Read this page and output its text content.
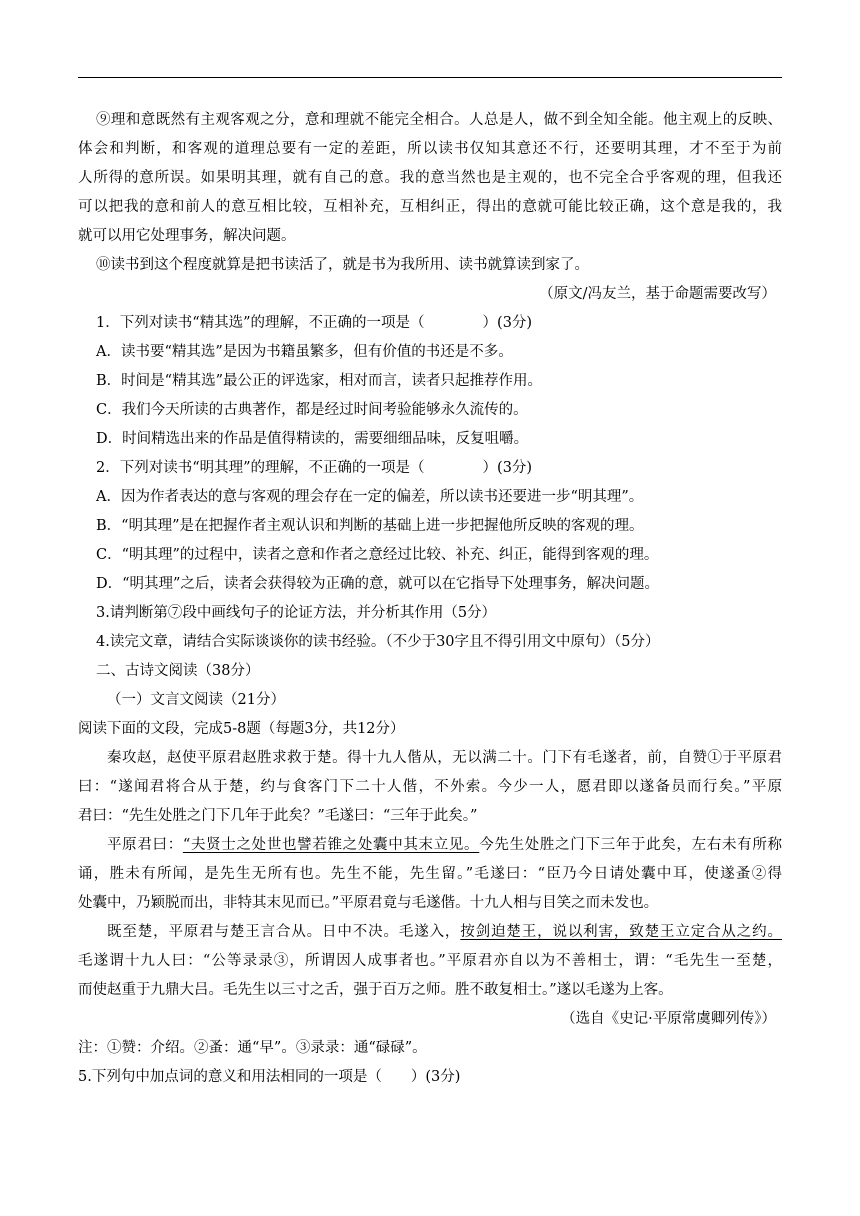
⑨理和意既然有主观客观之分，意和理就不能完全相合。人总是人，做不到全知全能。他主观上的反映、
体会和判断，和客观的道理总要有一定的差距，所以读书仅知其意还不行，还要明其理，才不至于为前
人所得的意所误。如果明其理，就有自己的意。我的意当然也是主观的，也不完全合乎客观的理，但我还
可以把我的意和前人的意互相比较，互相补充，互相纠正，得出的意就可能比较正确，这个意是我的，我
就可以用它处理事务，解决问题。
⑩读书到这个程度就算是把书读活了，就是书为我所用、读书就算读到家了。
（原文/冯友兰，基于命题需要改写）
1．下列对读书“精其选”的理解，不正确的一项是（　　　　）(3分)
A．读书要“精其选”是因为书籍虽繁多，但有价值的书还是不多。
B．时间是“精其选”最公正的评选家，相对而言，读者只起推荐作用。
C．我们今天所读的古典著作，都是经过时间考验能够永久流传的。
D．时间精选出来的作品是值得精读的，需要细细品味，反复咀嚼。
2．下列对读书“明其理”的理解，不正确的一项是（　　　　）(3分)
A．因为作者表达的意与客观的理会存在一定的偏差，所以读书还要进一步“明其理”。
B．“明其理”是在把握作者主观认识和判断的基础上进一步把握他所反映的客观的理。
C．“明其理”的过程中，读者之意和作者之意经过比较、补充、纠正，能得到客观的理。
D．“明其理”之后，读者会获得较为正确的意，就可以在它指导下处理事务，解决问题。
3.请判断第⑦段中画线句子的论证方法，并分析其作用（5分）
4.读完文章，请结合实际谈谈你的读书经验。（不少于30字且不得引用文中原句）（5分）
二、古诗文阅读（38分）
（一）文言文阅读（21分）
阅读下面的文段，完成5-8题（每题3分，共12分）
秦攻赵，赵使平原君赵胜求救于楚。得十九人偕从，无以满二十。门下有毛遂者，前，自赞①于平原君
曰：“遂闻君将合从于楚，约与食客门下二十人偕，不外索。今少一人，愿君即以遂备员而行矣。”平原
君曰：“先生处胜之门下几年于此矣？”毛遂曰：“三年于此矣。”
平原君曰：“夫贤士之处世也譬若锥之处囊中其末立见。今先生处胜之门下三年于此矣，左右未有所称
诵，胜未有所闻，是先生无所有也。先生不能，先生留。”毛遂曰：“臣乃今日请处囊中耳，使遂蚤②得
处囊中，乃颖脱而出，非特其末见而已。”平原君竟与毛遂偕。十九人相与目笑之而未发也。
既至楚，平原君与楚王言合从。日中不决。毛遂入，按剑迫楚王，说以利害，致楚王立定合从之约。
毛遂谓十九人曰：“公等录录③，所谓因人成事者也。”平原君亦自以为不善相士，谓：“毛先生一至楚，
而使赵重于九鼎大吕。毛先生以三寸之舌，强于百万之师。胜不敢复相士。”遂以毛遂为上客。
（选自《史记·平原常虞卿列传》）
注：①赞：介绍。②蚤：通“早”。③录录：通“碌碌”。
5.下列句中加点词的意义和用法相同的一项是（　　）(3分)
